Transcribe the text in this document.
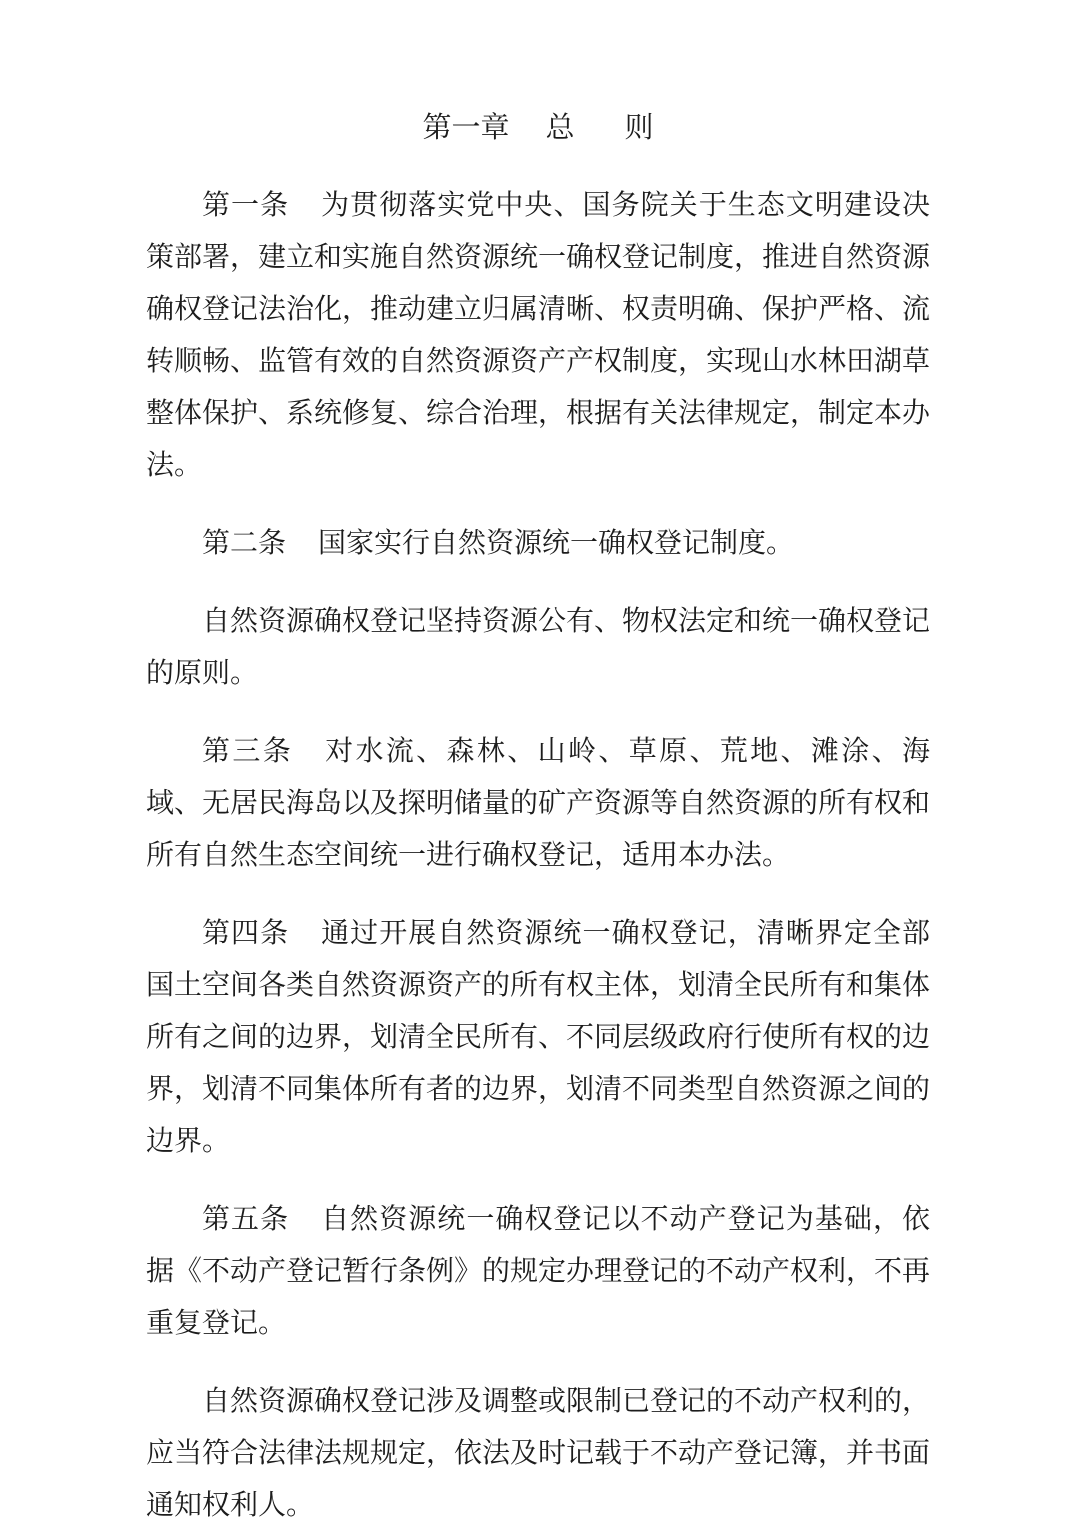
第一章 总 则

第一条 为贯彻落实党中央、国务院关于生态文明建设决策部署，建立和实施自然资源统一确权登记制度，推进自然资源确权登记法治化，推动建立归属清晰、权责明确、保护严格、流转顺畅、监管有效的自然资源资产产权制度，实现山水林田湖草整体保护、系统修复、综合治理，根据有关法律规定，制定本办法。

第二条 国家实行自然资源统一确权登记制度。

自然资源确权登记坚持资源公有、物权法定和统一确权登记的原则。

第三条 对水流、森林、山岭、草原、荒地、滩涂、海域、无居民海岛以及探明储量的矿产资源等自然资源的所有权和所有自然生态空间统一进行确权登记，适用本办法。

第四条 通过开展自然资源统一确权登记，清晰界定全部国土空间各类自然资源资产的所有权主体，划清全民所有和集体所有之间的边界，划清全民所有、不同层级政府行使所有权的边界，划清不同集体所有者的边界，划清不同类型自然资源之间的边界。

第五条 自然资源统一确权登记以不动产登记为基础，依据《不动产登记暂行条例》的规定办理登记的不动产权利，不再重复登记。

自然资源确权登记涉及调整或限制已登记的不动产权利的，应当符合法律法规规定，依法及时记载于不动产登记簿，并书面通知权利人。
